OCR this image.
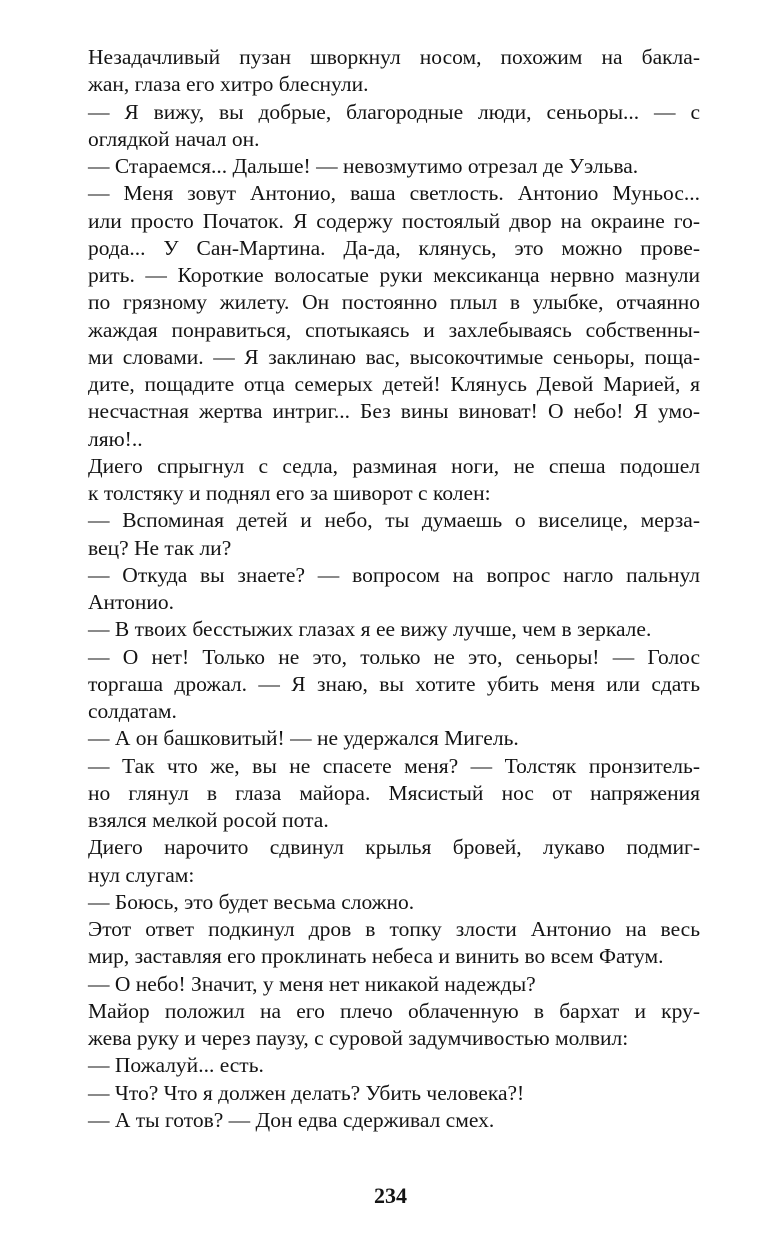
Незадачливый пузан шворкнул носом, похожим на бакла-
жан, глаза его хитро блеснули.
— Я вижу, вы добрые, благородные люди, сеньоры... — с
оглядкой начал он.
— Стараемся... Дальше! — невозмутимо отрезал де Уэльва.
— Меня зовут Антонио, ваша светлость. Антонио Муньос...
или просто Початок. Я содержу постоялый двор на окраине го-
рода... У Сан-Мартина. Да-да, клянусь, это можно прове-
рить. — Короткие волосатые руки мексиканца нервно мазнули
по грязному жилету. Он постоянно плыл в улыбке, отчаянно
жаждая понравиться, спотыкаясь и захлебываясь собственны-
ми словами. — Я заклинаю вас, высокочтимые сеньоры, поща-
дите, пощадите отца семерых детей! Клянусь Девой Марией, я
несчастная жертва интриг... Без вины виноват! О небо! Я умо-
ляю!..
Диего спрыгнул с седла, разминая ноги, не спеша подошел
к толстяку и поднял его за шиворот с колен:
— Вспоминая детей и небо, ты думаешь о виселице, мерза-
вец? Не так ли?
— Откуда вы знаете? — вопросом на вопрос нагло пальнул
Антонио.
— В твоих бесстыжих глазах я ее вижу лучше, чем в зеркале.
— О нет! Только не это, только не это, сеньоры! — Голос
торгаша дрожал. — Я знаю, вы хотите убить меня или сдать
солдатам.
— А он башковитый! — не удержался Мигель.
— Так что же, вы не спасете меня? — Толстяк пронзитель-
но глянул в глаза майора. Мясистый нос от напряжения
взялся мелкой росой пота.
Диего нарочито сдвинул крылья бровей, лукаво подмиг-
нул слугам:
— Боюсь, это будет весьма сложно.
Этот ответ подкинул дров в топку злости Антонио на весь
мир, заставляя его проклинать небеса и винить во всем Фатум.
— О небо! Значит, у меня нет никакой надежды?
Майор положил на его плечо облаченную в бархат и кру-
жева руку и через паузу, с суровой задумчивостью молвил:
— Пожалуй... есть.
— Что? Что я должен делать? Убить человека?!
— А ты готов? — Дон едва сдерживал смех.
234
